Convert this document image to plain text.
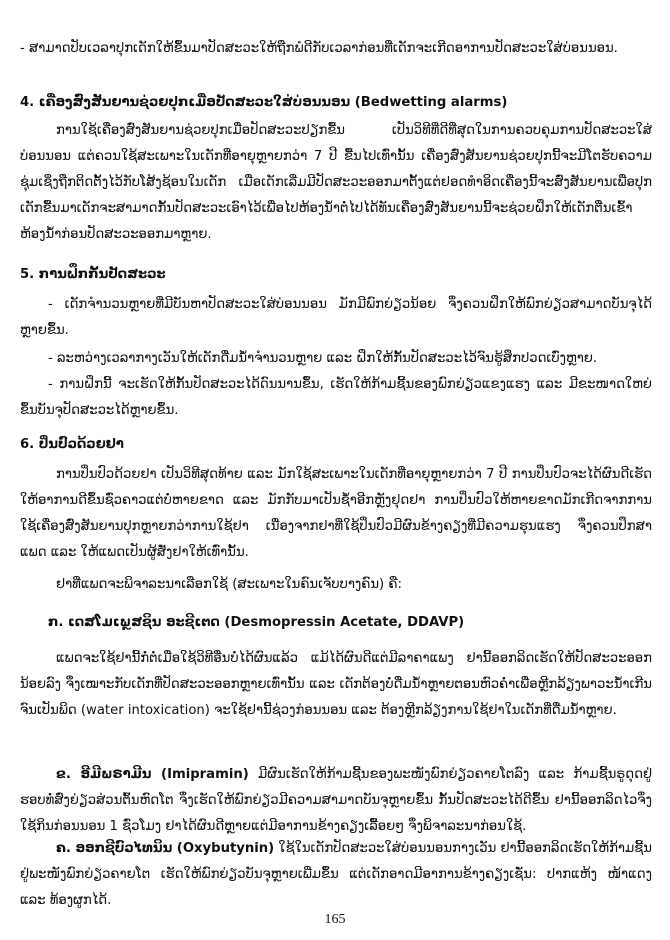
- ສາມາດປັບເວລາປຸກເດັກໃຫ້ຂຶ້ນມາປັດສະວະໃຫ້ຖືກພໍດີກັບເວລາກ່ອນທີ່ເດັກຈະເກີດອາການປັດສະວະໃສ່ບ່ອນນອນ.

4. ເຄື່ອງສົ່ງສັນຍານຊ່ວຍປຸກເມື່ອປັດສະວະໃສ່ບ່ອນນອນ (Bedwetting alarms)

ການໃຊ້ເຄື່ອງສົ່ງສັນຍານຊ່ວຍປຸກເມື່ອປັດສະວະປຽກຂື້ນ ເປັນວິທີທີ່ດີທີ່ສຸດໃນການຄວບຄຸມການປັດສະວະໃສ່ບ່ອນນອນ ແຕ່ຄວນໃຊ້ສະເພາະໃນເດັກທີ່ອາຍຸຫຼາຍກວ່າ 7 ປີ ຂື້ນໄປເທົ່ານັ້ນ ເຄື່ອງສົ່ງສັນຍານຊ່ວຍປຸກນີ້ຈະມີໂຕຮັບຄວາມຊຸ່ມເຊິ່ງຖືກຕິດຕັ້ງໄວ້ກັບໂສ້ງຊ້ອນໃນເດັກ ເມື່ອເດັກເລີ່ມມີປັດສະວະອອກມາຕັ້ງແຕ່ຢອດທຳອິດເຄື່ອງນີ້ຈະສົ່ງສັນຍານເພື່ອປຸກເດັກຂື້ນມາເດັກຈະສາມາດກັ້ນປັດສະວະເອົາໄວ້ເພື່ອໄປຫ້ອງນ້ຳຕໍ່ໄປໄດ້ທັນເຄື່ອງສົ່ງສັນຍານນີ້ຈະຊ່ວຍຝຶກໃຫ້ເດັກຕື່ນເຂົ້າຫ້ອງນ້ຳກ່ອນປັດສະວະອອກມາຫຼາຍ.

5. ການຝຶກກັ້ນປັດສະວະ

- ເດັກຈຳນວນຫຼາຍທີ່ມີບັນຫາປັດສະວະໃສ່ບ່ອນນອນ ມັກມີພົກຍ່ຽວນ້ອຍ ຈຶ່ງຄວນຝຶກໃຫ້ພົກຍ່ຽວສາມາດບັນຈຸໄດ້ຫຼາຍຂຶ້ນ.

- ລະຫວ່າງເວລາກາງເວັນໃຫ້ເດັກດື່ມນ້ຳຈຳນວນຫຼາຍ ແລະ ຝຶກໃຫ້ກັ້ນປັດສະວະໄວ້ຈົນຮູ້ສຶກປວດເບົ່ງຫຼາຍ.

- ການຝຶກນີ້ ຈະເຮັດໃຫ້ກັ້ນປັດສະວະໄດ້ດົນນານຂຶ້ນ, ເຮັດໃຫ້ກ້າມຊີ້ນຂອງພົກຍ່ຽວແຂງແຮງ ແລະ ມີຂະໜາດໃຫຍ່ຂຶ້ນບັນຈຸປັດສະວະໄດ້ຫຼາຍຂຶ້ນ.

6. ປິ່ນປົວດ້ວຍຢາ

ການປິ່ນປົວດ້ວຍຢາ ເປັນວິທີສຸດທ້າຍ ແລະ ມັກໃຊ້ສະເພາະໃນເດັກທີ່ອາຍຸຫຼາຍກວ່າ 7 ປີ ການປິ່ນປົວຈະໄດ້ຜົນດີເຮັດໃຫ້ອາການດີຂຶ້ນຊົ່ວຄາວແຕ່ບໍ່ຫາຍຂາດ ແລະ ມັກກັບມາເປັນຊ້ຳອີກຫຼັງຢຸດຢາ ການປິ່ນປົວໃຫ້ຫາຍຂາດມັກເກີດຈາກການໃຊ້ເຄື່ອງສົ່ງສັນຍານປຸກຫຼາຍກວ່າການໃຊ້ຢາ ເນື່ອງຈາກຢາທີ່ໃຊ້ປິ່ນປົວມີຜົນຂ້າງຄຽງທີ່ມີຄວາມຮຸນແຮງ ຈຶ່ງຄວນປຶກສາແພດ ແລະ ໃຫ້ແພດເປັນຜູ້ສັ່ງຢາໃຫ້ເທົ່ານັ້ນ.

ຢາທີ່ແພດຈະພິຈາລະນາເລືອກໃຊ້ (ສະເພາະໃນຄົນເຈັບບາງຄົນ) ຄື:

ກ. ເດສໂມເພຼສຊິນ ອະຊີເຕດ (Desmopressin Acetate, DDAVP)

ແພດຈະໃຊ້ຢານີ້ກໍ່ຕໍ່ເມື່ອໃຊ້ວິທີອື່ນບໍ່ໄດ້ຜົນແລ້ວ ແມ້ໄດ້ຜົນດີແຕ່ມີລາຄາແພງ ຢານີ້ອອກລິດເຮັດໃຫ້ປັດສະວະອອກນ້ອຍລົງ ຈຶ່ງເໝາະກັບເດັກທີ່ປັດສະວະອອກຫຼາຍເທົ່ານັ້ນ ແລະ ເດັກຕ້ອງບໍ່ດື່ມນ້ຳຫຼາຍຕອນຫົວຄ່ຳເພື່ອຫຼີກລ້ຽງພາວະນ້ຳເກີນຈົນເປັນພິດ (water intoxication) ຈະໃຊ້ຢານີ້ຊ່ວງກ່ອນນອນ ແລະ ຕ້ອງຫຼີກລ້ຽງການໃຊ້ຢາໃນເດັກທີ່ດື່ມນ້ຳຫຼາຍ.

ຂ. ອີມີພຣາມີນ (Imipramin) ມີຜົນເຮັດໃຫ້ກ້າມຊີ້ນຂອງພະໜັງພົກຍ່ຽວຄາຍໂຕລົງ ແລະ ກ້າມຊີ້ນຣູດຸດຢູ່ຮອບທໍ່ສົ່ງຍ່ຽວສ່ວນຕົ້ນຫົດໂຕ ຈຶ່ງເຮັດໃຫ້ພົກຍ່ຽວມີຄວາມສາມາດບັນຈຸຫຼາຍຂຶ້ນ ກັ້ນປັດສະວະໄດ້ດີຂຶ້ນ ຢານີ້ອອກລິດໄວຈຶ່ງໃຊ້ກິນກ່ອນນອນ 1 ຊົ່ວໂມງ ຢາໄດ້ຜົນດີຫຼາຍແຕ່ມີອາການຂ້າງຄຽງເລື້ອຍໆ ຈຶ່ງພິຈາລະນາກ່ອນໃຊ້.

ຄ. ອອກຊີບົວໄທນິນ (Oxybutynin) ໃຊ້ໃນເດັກປັດສະວະໃສ່ບ່ອນນອນກາງເວັນ ຢານີ້ອອກລິດເຮັດໃຫ້ກ້າມຊີ້ນຢູ່ພະໜັງພົກຍ່ຽວຄາຍໂຕ ເຮັດໃຫ້ພົກຍ່ຽວບັນຈຸຫຼາຍເພີ່ມຂຶ້ນ ແຕ່ເດັກອາດມີອາການຂ້າງຄຽງເຊັ່ນ: ປາກແຫ້ງ ໜ້າແດງ ແລະ ທ້ອງຜູກໄດ້.

165
